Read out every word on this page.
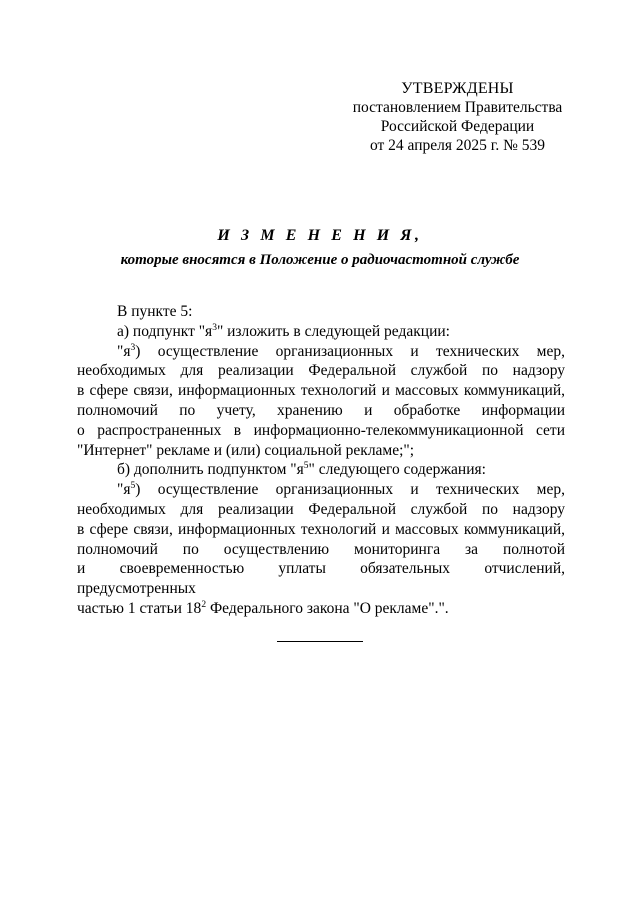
УТВЕРЖДЕНЫ
постановлением Правительства
Российской Федерации
от 24 апреля 2025 г. № 539
И З М Е Н Е Н И Я,
которые вносятся в Положение о радиочастотной службе

В пункте 5:

а) подпункт "$я^3$" изложить в следующей редакции:

"$я^3$) осуществление организационных и технических мер,

необходимых для реализации Федеральной службой по надзору

в сфере связи, информационных технологий и массовых коммуникаций,

полномочий по учету, хранению и обработке информации

о распространенных в информационно-телекоммуникационной сети

"Интернет" рекламе и (или) социальной рекламе;";

б) дополнить подпунктом "$я^5$" следующего содержания:

"$я^5$) осуществление организационных и технических мер,

необходимых для реализации Федеральной службой по надзору

в сфере связи, информационных технологий и массовых коммуникаций,

полномочий по осуществлению мониторинга за полнотой

и своевременностью уплаты обязательных отчислений, предусмотренных

частью 1 статьи $18^2$ Федерального закона "О рекламе".".
